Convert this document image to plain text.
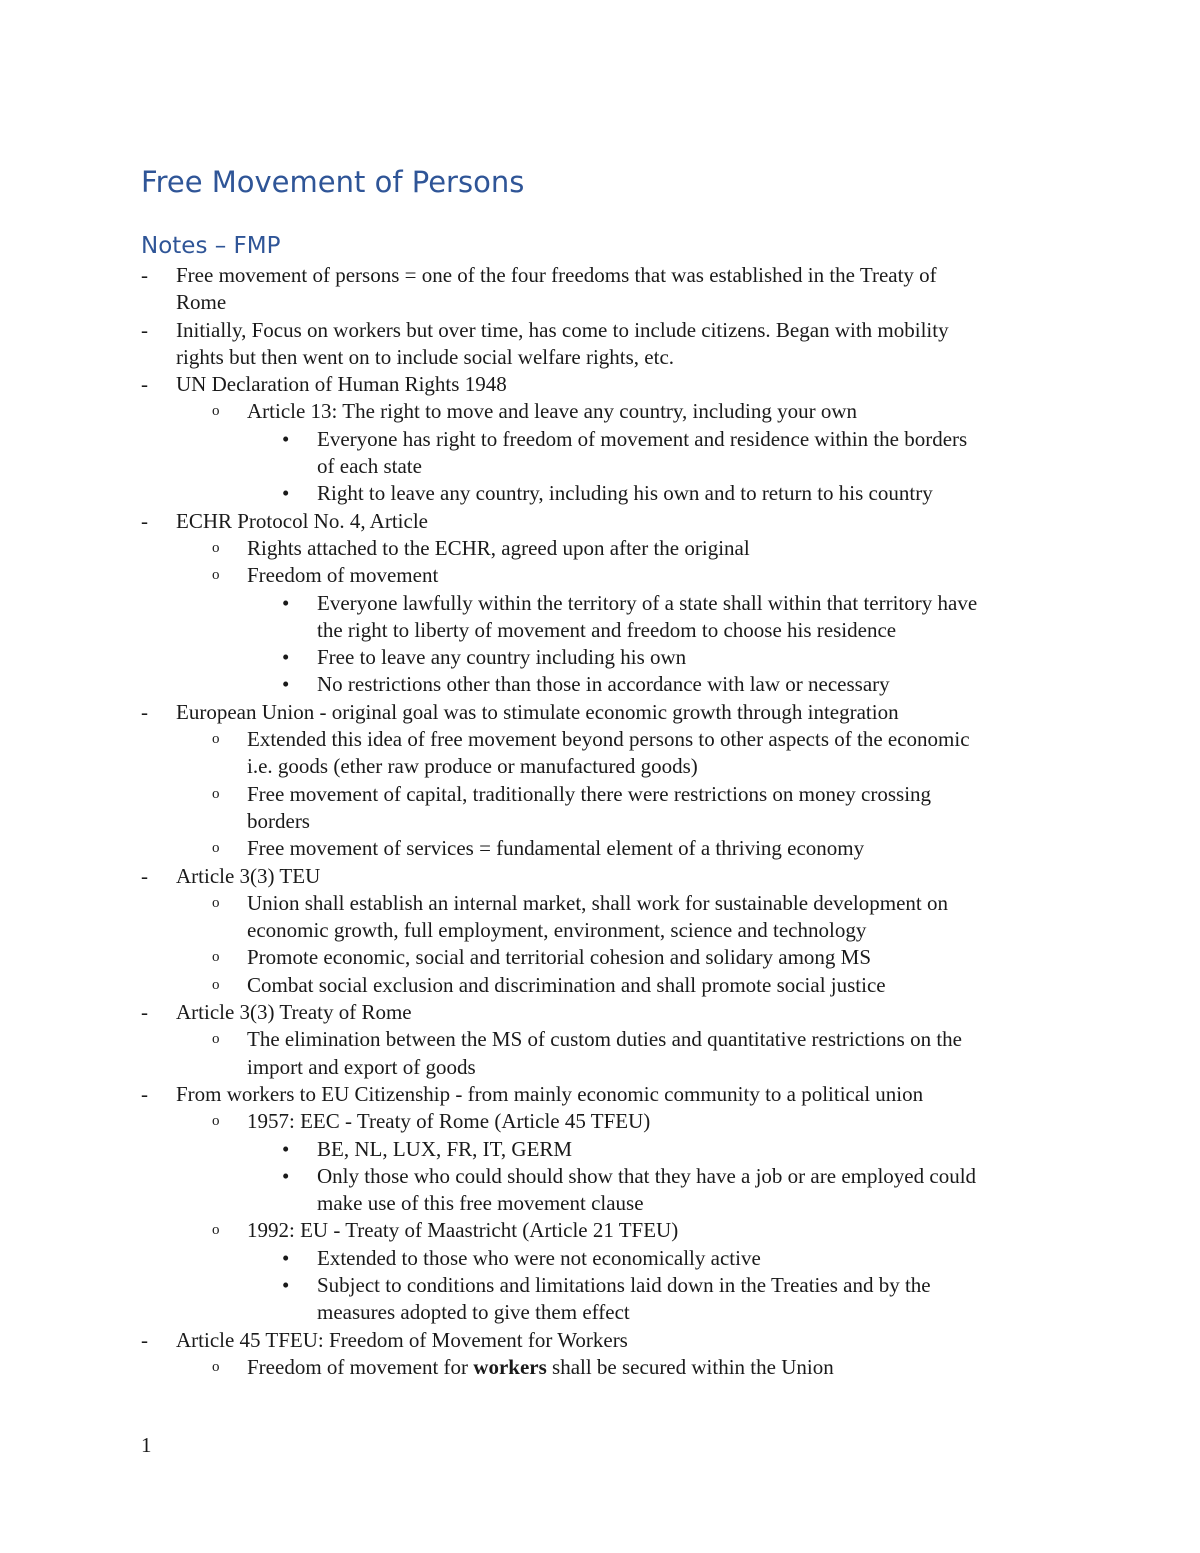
Free Movement of Persons
Notes – FMP
- Free movement of persons = one of the four freedoms that was established in the Treaty of
Rome
- Initially, Focus on workers but over time, has come to include citizens. Began with mobility
rights but then went on to include social welfare rights, etc.
- UN Declaration of Human Rights 1948
o Article 13: The right to move and leave any country, including your own
• Everyone has right to freedom of movement and residence within the borders
of each state
• Right to leave any country, including his own and to return to his country
- ECHR Protocol No. 4, Article
o Rights attached to the ECHR, agreed upon after the original
o Freedom of movement
• Everyone lawfully within the territory of a state shall within that territory have
the right to liberty of movement and freedom to choose his residence
• Free to leave any country including his own
• No restrictions other than those in accordance with law or necessary
- European Union - original goal was to stimulate economic growth through integration
o Extended this idea of free movement beyond persons to other aspects of the economic
i.e. goods (ether raw produce or manufactured goods)
o Free movement of capital, traditionally there were restrictions on money crossing
borders
o Free movement of services = fundamental element of a thriving economy
- Article 3(3) TEU
o Union shall establish an internal market, shall work for sustainable development on
economic growth, full employment, environment, science and technology
o Promote economic, social and territorial cohesion and solidary among MS
o Combat social exclusion and discrimination and shall promote social justice
- Article 3(3) Treaty of Rome
o The elimination between the MS of custom duties and quantitative restrictions on the
import and export of goods
- From workers to EU Citizenship - from mainly economic community to a political union
o 1957: EEC - Treaty of Rome (Article 45 TFEU)
• BE, NL, LUX, FR, IT, GERM
• Only those who could should show that they have a job or are employed could
make use of this free movement clause
o 1992: EU - Treaty of Maastricht (Article 21 TFEU)
• Extended to those who were not economically active
• Subject to conditions and limitations laid down in the Treaties and by the
measures adopted to give them effect
- Article 45 TFEU: Freedom of Movement for Workers
o Freedom of movement for workers shall be secured within the Union
1
